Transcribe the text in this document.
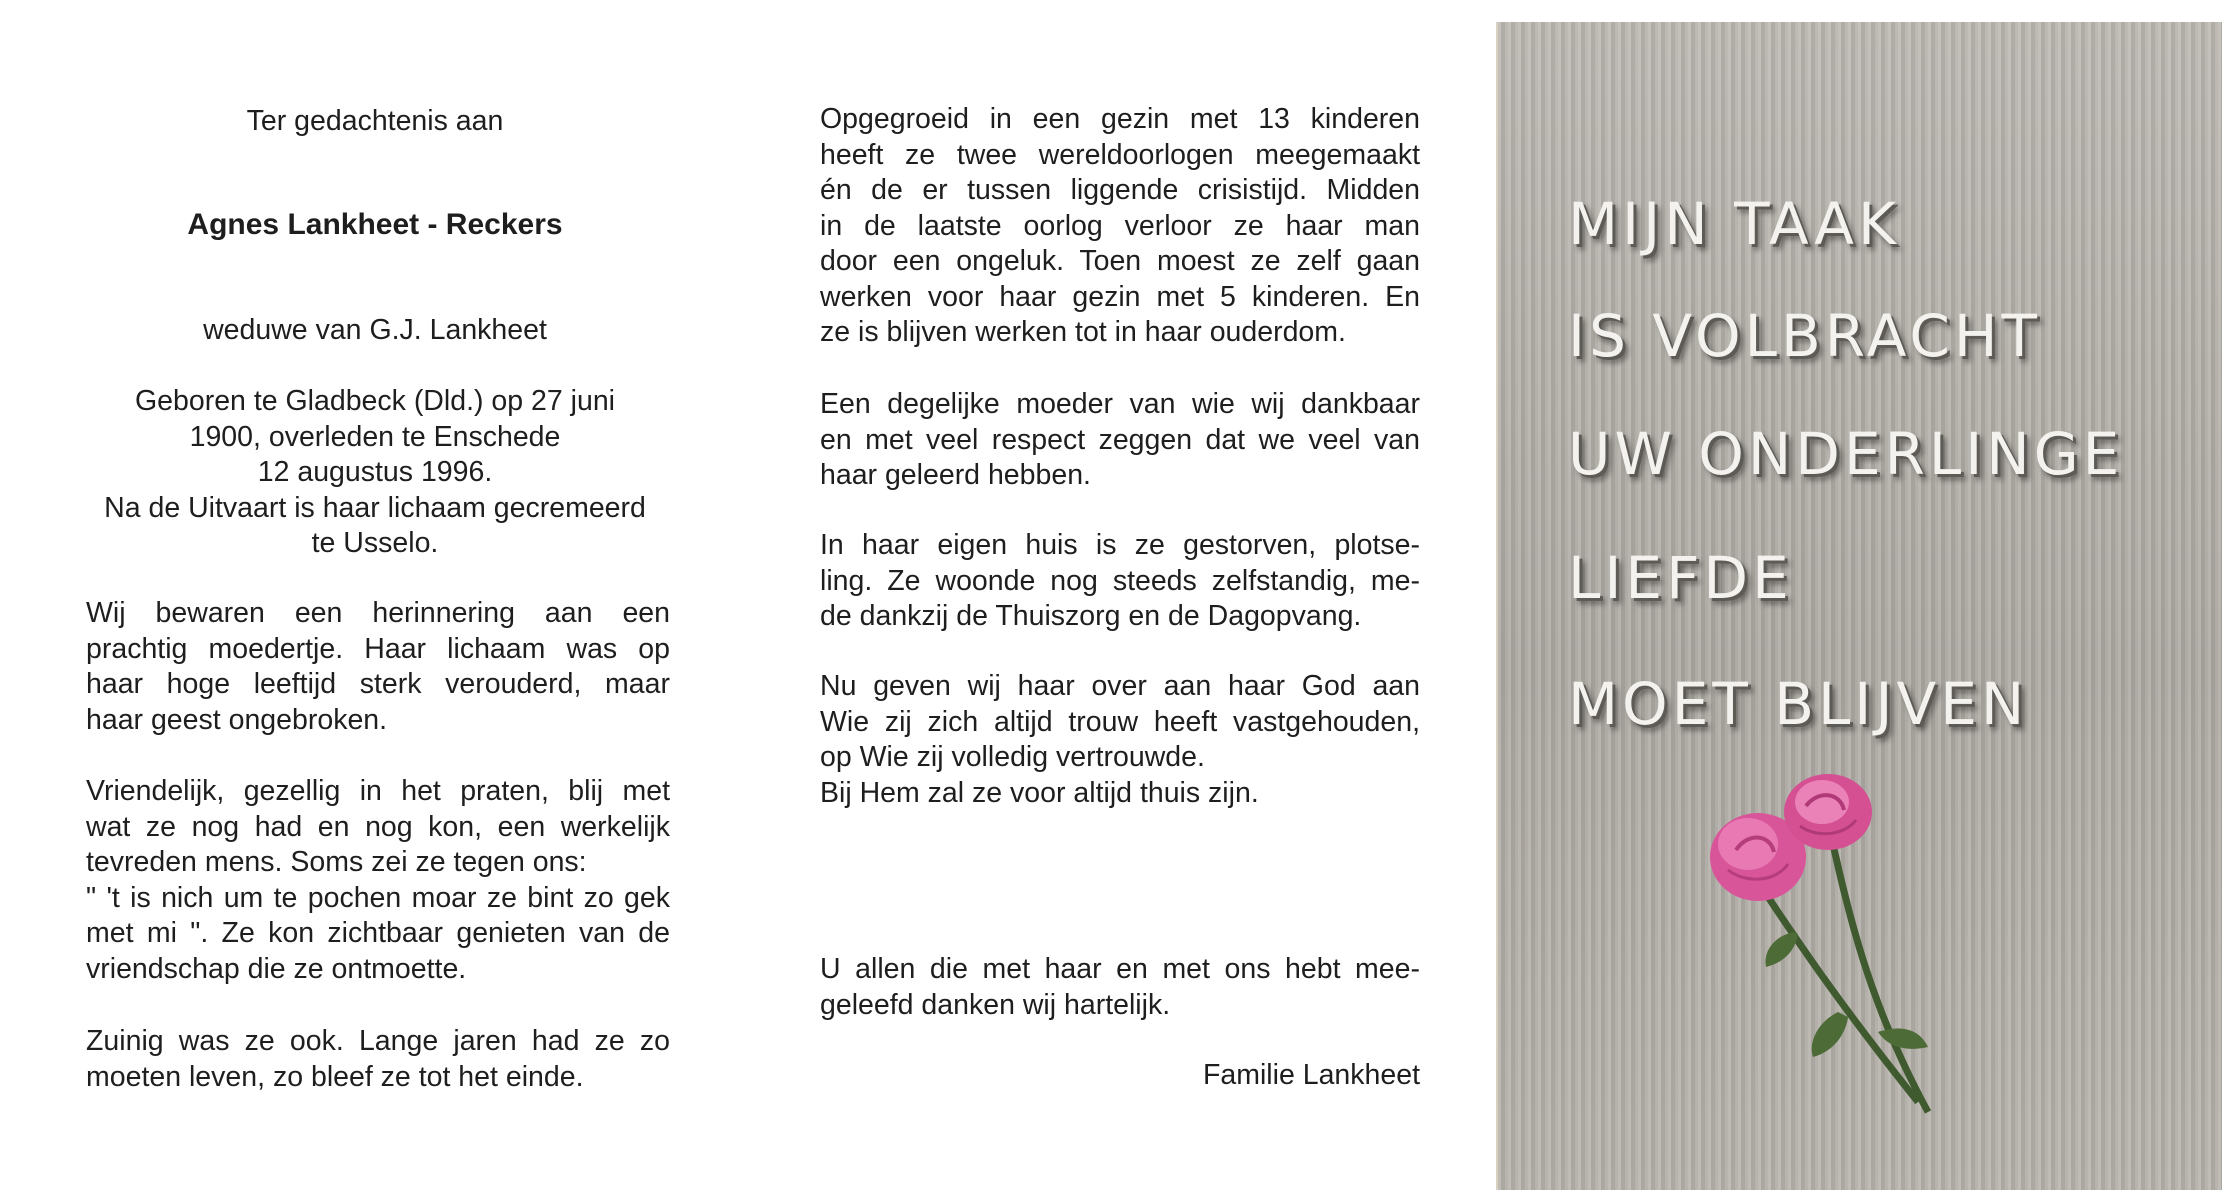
Ter gedachtenis aan
Agnes Lankheet - Reckers
weduwe van G.J. Lankheet
Geboren te Gladbeck (Dld.) op 27 juni
1900, overleden te Enschede
12 augustus 1996.
Na de Uitvaart is haar lichaam gecremeerd
te Usselo.
Wij bewaren een herinnering aan een
prachtig moedertje. Haar lichaam was op
haar hoge leeftijd sterk verouderd, maar
haar geest ongebroken.
Vriendelijk, gezellig in het praten, blij met
wat ze nog had en nog kon, een werkelijk
tevreden mens. Soms zei ze tegen ons:
" 't is nich um te pochen moar ze bint zo gek
met mi ". Ze kon zichtbaar genieten van de
vriendschap die ze ontmoette.
Zuinig was ze ook. Lange jaren had ze zo
moeten leven, zo bleef ze tot het einde.
Opgegroeid in een gezin met 13 kinderen
heeft ze twee wereldoorlogen meegemaakt
én de er tussen liggende crisistijd. Midden
in de laatste oorlog verloor ze haar man
door een ongeluk. Toen moest ze zelf gaan
werken voor haar gezin met 5 kinderen. En
ze is blijven werken tot in haar ouderdom.
Een degelijke moeder van wie wij dankbaar
en met veel respect zeggen dat we veel van
haar geleerd hebben.
In haar eigen huis is ze gestorven, plotse-
ling. Ze woonde nog steeds zelfstandig, me-
de dankzij de Thuiszorg en de Dagopvang.
Nu geven wij haar over aan haar God aan
Wie zij zich altijd trouw heeft vastgehouden,
op Wie zij volledig vertrouwde.
Bij Hem zal ze voor altijd thuis zijn.
U allen die met haar en met ons hebt mee-
geleefd danken wij hartelijk.
Familie Lankheet
MIJN TAAK
IS VOLBRACHT
UW ONDERLINGE
LIEFDE
MOET BLIJVEN
